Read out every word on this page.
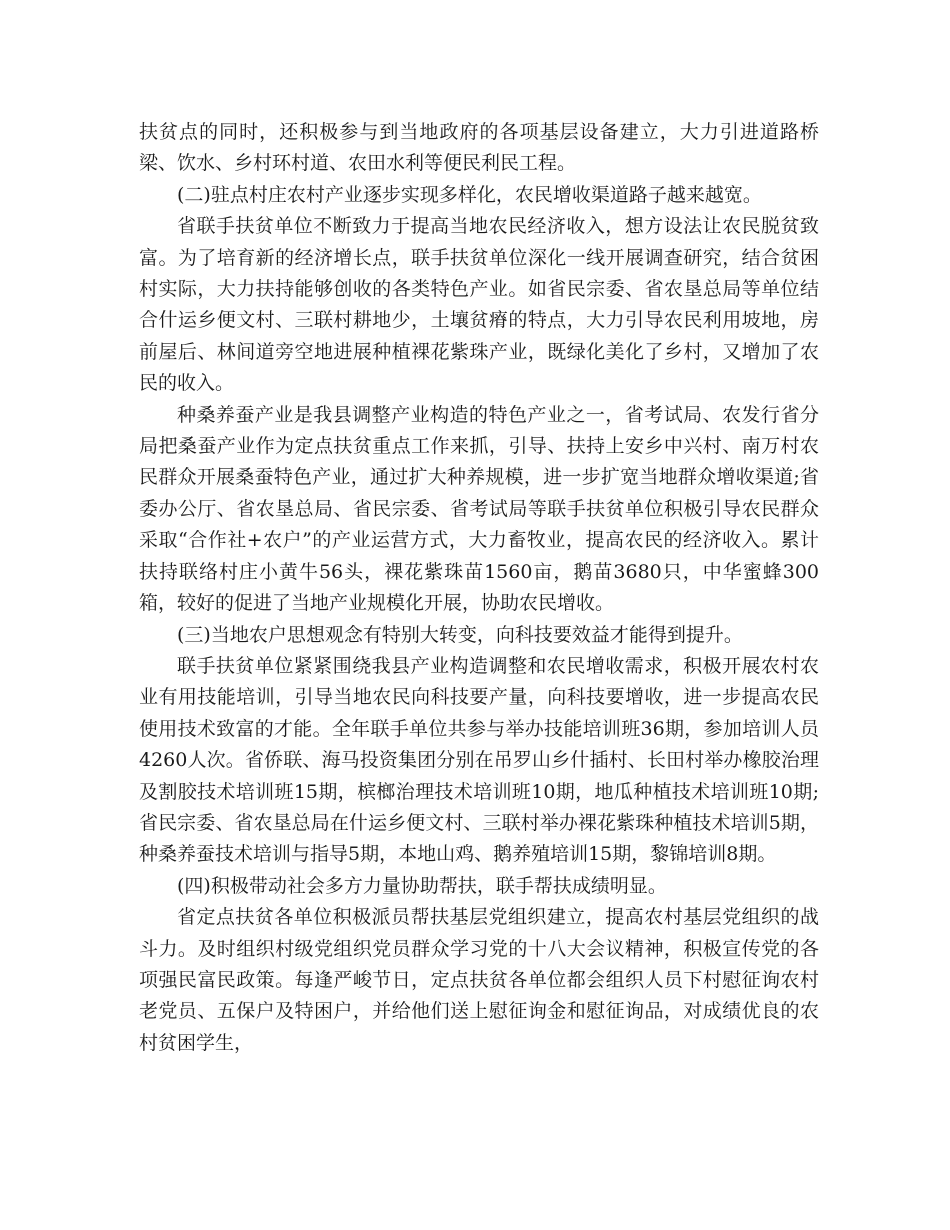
扶贫点的同时，还积极参与到当地政府的各项基层设备建立，大力引进道路桥梁、饮水、乡村环村道、农田水利等便民利民工程。

(二)驻点村庄农村产业逐步实现多样化，农民增收渠道路子越来越宽。

省联手扶贫单位不断致力于提高当地农民经济收入，想方设法让农民脱贫致富。为了培育新的经济增长点，联手扶贫单位深化一线开展调查研究，结合贫困村实际，大力扶持能够创收的各类特色产业。如省民宗委、省农垦总局等单位结合什运乡便文村、三联村耕地少，土壤贫瘠的特点，大力引导农民利用坡地，房前屋后、林间道旁空地进展种植裸花紫珠产业，既绿化美化了乡村，又增加了农民的收入。

种桑养蚕产业是我县调整产业构造的特色产业之一，省考试局、农发行省分局把桑蚕产业作为定点扶贫重点工作来抓，引导、扶持上安乡中兴村、南万村农民群众开展桑蚕特色产业，通过扩大种养规模，进一步扩宽当地群众增收渠道;省委办公厅、省农垦总局、省民宗委、省考试局等联手扶贫单位积极引导农民群众采取“合作社+农户”的产业运营方式，大力畜牧业，提高农民的经济收入。累计扶持联络村庄小黄牛56头，裸花紫珠苗1560亩，鹅苗3680只，中华蜜蜂300箱，较好的促进了当地产业规模化开展，协助农民增收。

(三)当地农户思想观念有特别大转变，向科技要效益才能得到提升。

联手扶贫单位紧紧围绕我县产业构造调整和农民增收需求，积极开展农村农业有用技能培训，引导当地农民向科技要产量，向科技要增收，进一步提高农民使用技术致富的才能。全年联手单位共参与举办技能培训班36期，参加培训人员4260人次。省侨联、海马投资集团分别在吊罗山乡什插村、长田村举办橡胶治理及割胶技术培训班15期，槟榔治理技术培训班10期，地瓜种植技术培训班10期;省民宗委、省农垦总局在什运乡便文村、三联村举办裸花紫珠种植技术培训5期，种桑养蚕技术培训与指导5期，本地山鸡、鹅养殖培训15期，黎锦培训8期。

(四)积极带动社会多方力量协助帮扶，联手帮扶成绩明显。

省定点扶贫各单位积极派员帮扶基层党组织建立，提高农村基层党组织的战斗力。及时组织村级党组织党员群众学习党的十八大会议精神，积极宣传党的各项强民富民政策。每逢严峻节日，定点扶贫各单位都会组织人员下村慰征询农村老党员、五保户及特困户，并给他们送上慰征询金和慰征询品，对成绩优良的农村贫困学生，
